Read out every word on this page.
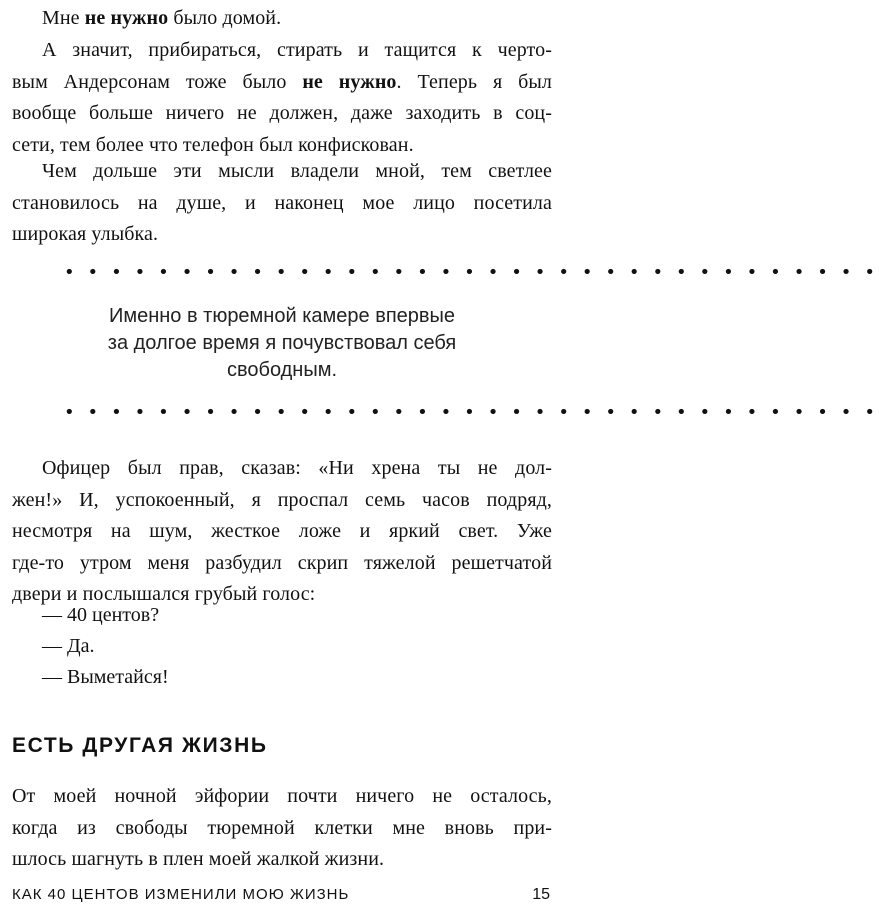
Мне не нужно было домой.

А значит, прибираться, стирать и тащится к черто-
вым Андерсонам тоже было не нужно. Теперь я был
вообще больше ничего не должен, даже заходить в соц-
сети, тем более что телефон был конфискован.

Чем дольше эти мысли владели мной, тем светлее
становилось на душе, и наконец мое лицо посетила
широкая улыбка.

• • • • • • • • • • • • • • • • • • • • • • • • • • • • • • • • • • •
Именно в тюремной камере впервые
за долгое время я почувствовал себя
свободным.
• • • • • • • • • • • • • • • • • • • • • • • • • • • • • • • • • • •

Офицер был прав, сказав: «Ни хрена ты не дол-
жен!» И, успокоенный, я проспал семь часов подряд,
несмотря на шум, жесткое ложе и яркий свет. Уже
где-то утром меня разбудил скрип тяжелой решетчатой
двери и послышался грубый голос:

— 40 центов?
— Да.
— Выметайся!
ЕСТЬ ДРУГАЯ ЖИЗНЬ

От моей ночной эйфории почти ничего не осталось,
когда из свободы тюремной клетки мне вновь при-
шлось шагнуть в плен моей жалкой жизни.

КАК 40 ЦЕНТОВ ИЗМЕНИЛИ МОЮ ЖИЗНЬ	15
